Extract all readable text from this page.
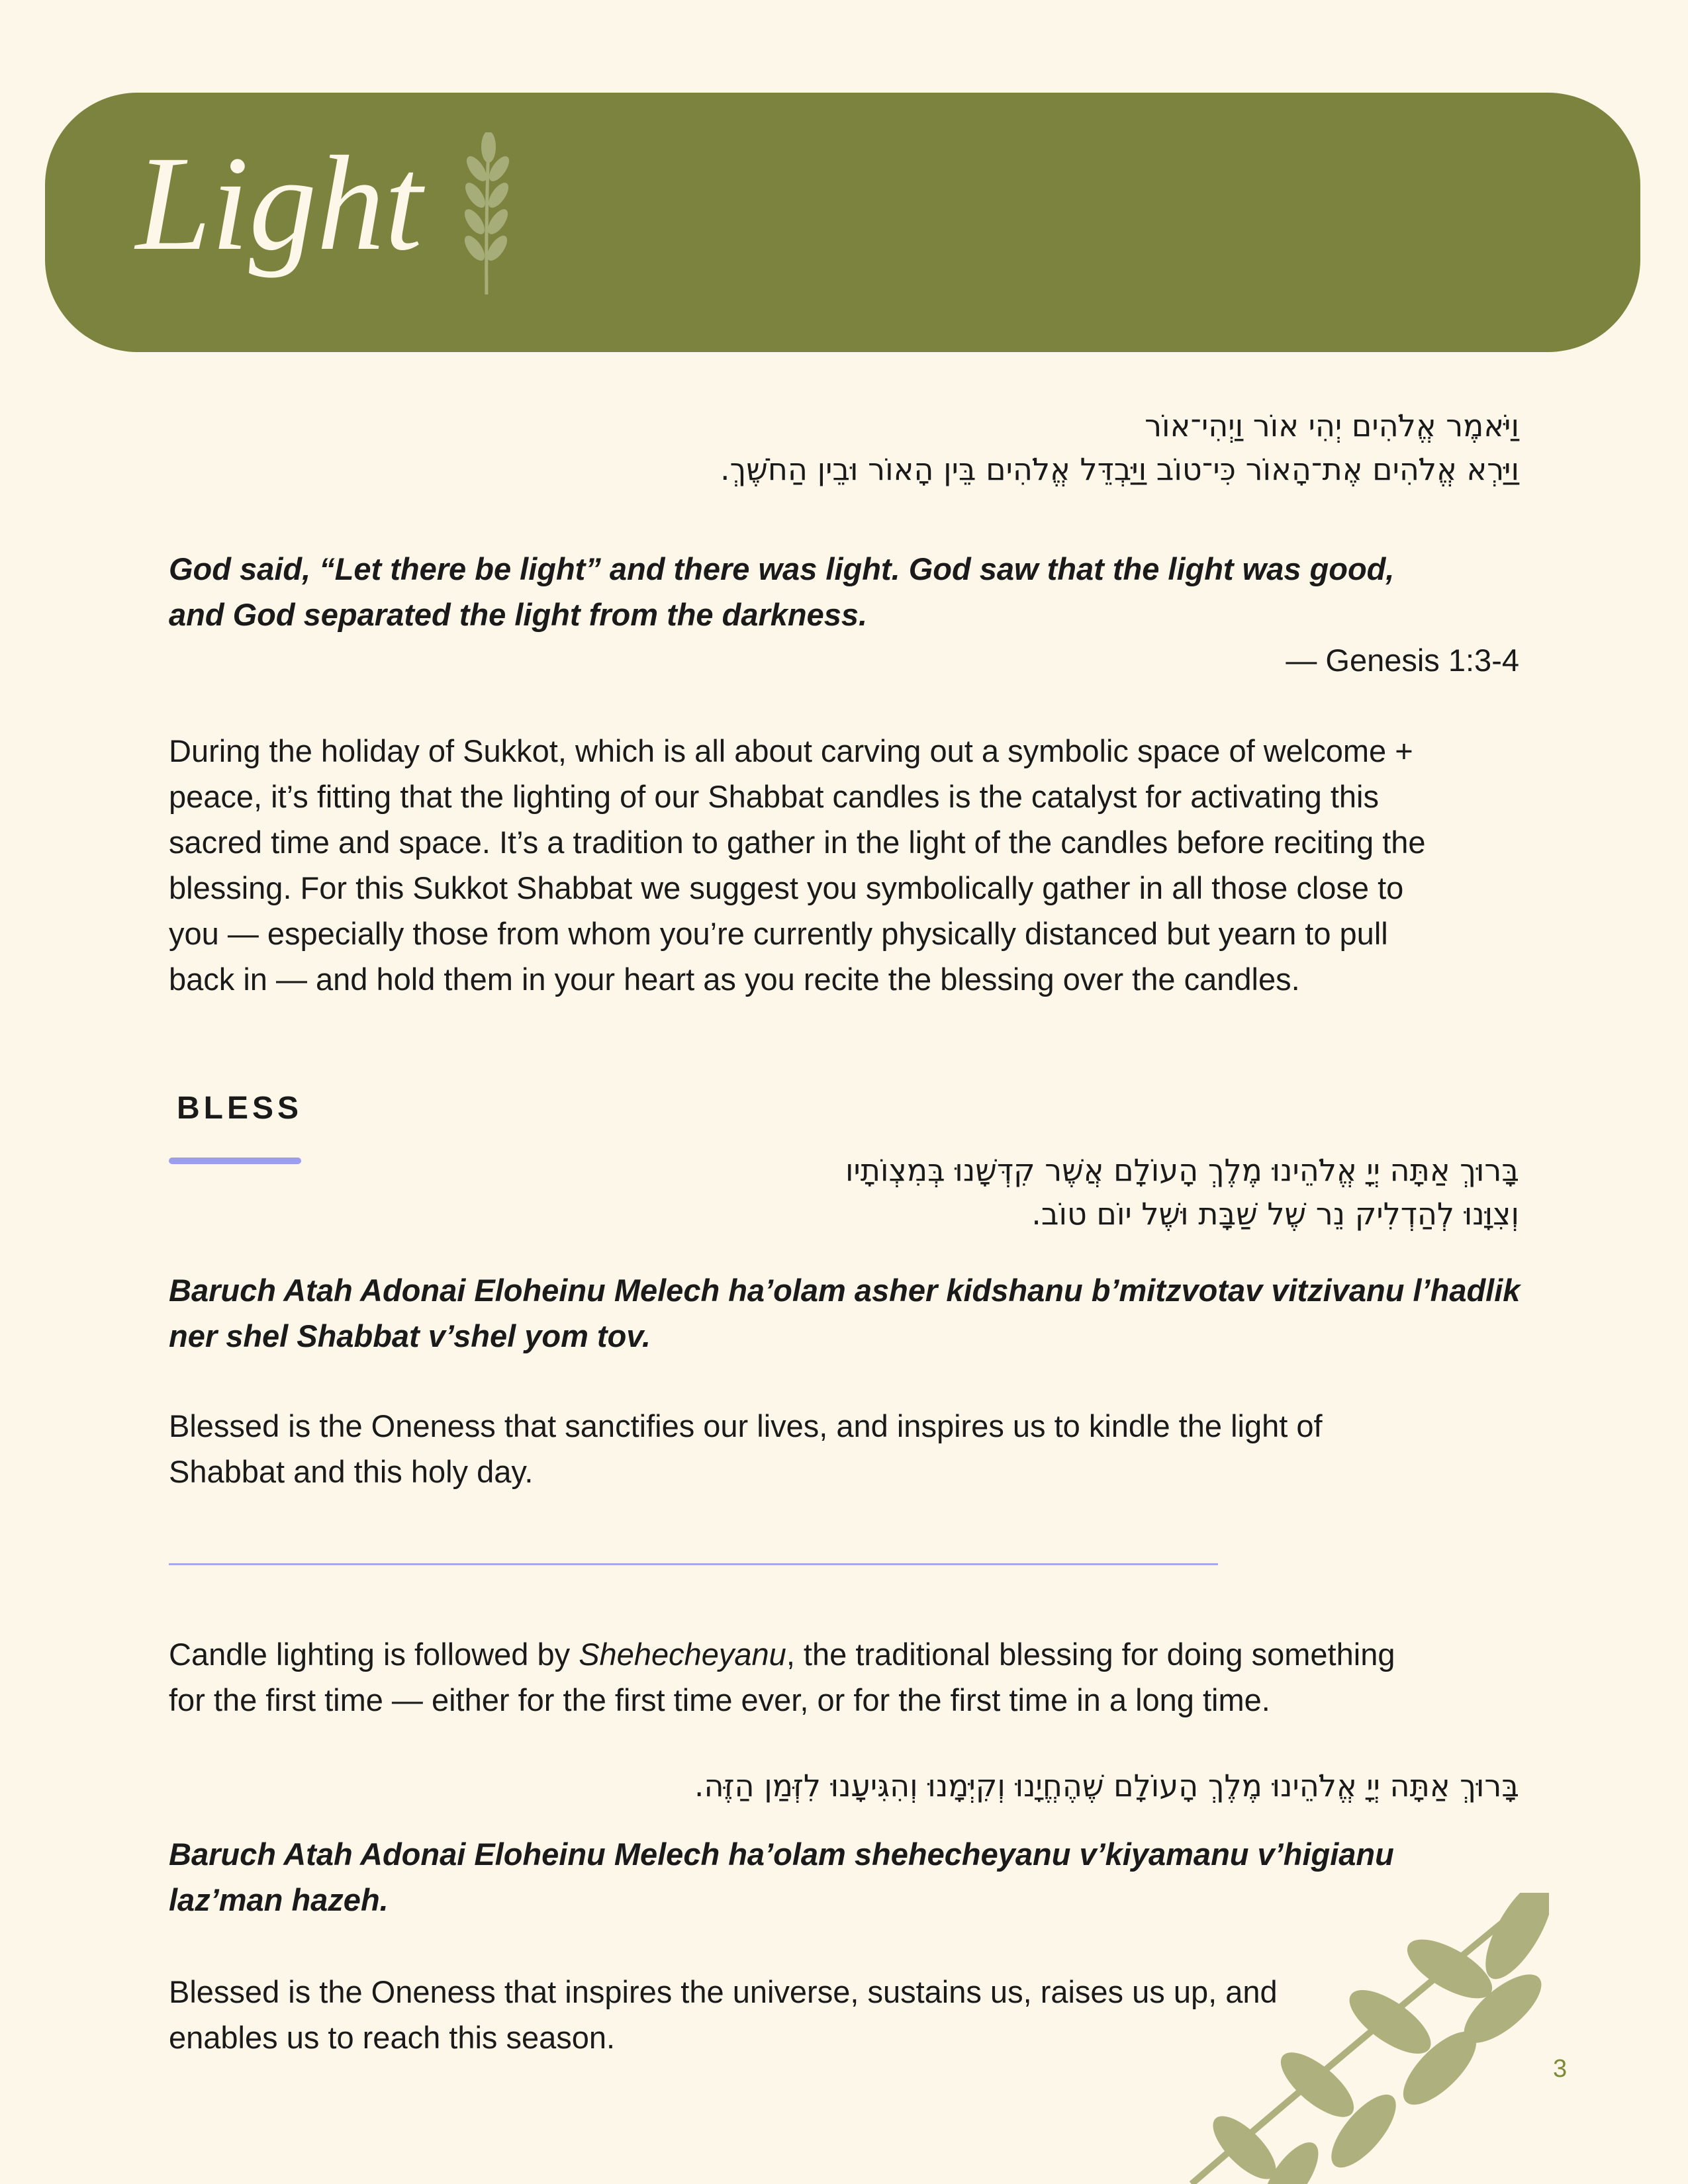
Light
וַיֹּאמֶר אֱלֹהִים יְהִי אוֹר וַיְהִי־אוֹר
וַיַּרְא אֱלֹהִים אֶת־הָאוֹר כִּי־טוֹב וַיַּבְדֵּל אֱלֹהִים בֵּין הָאוֹר וּבֵין הַחֹשֶׁךְ.

God said, “Let there be light” and there was light. God saw that the light was good,

and God separated the light from the darkness.

— Genesis 1:3-4

During the holiday of Sukkot, which is all about carving out a symbolic space of welcome +

peace, it’s fitting that the lighting of our Shabbat candles is the catalyst for activating this

sacred time and space. It’s a tradition to gather in the light of the candles before reciting the

blessing. For this Sukkot Shabbat we suggest you symbolically gather in all those close to

you — especially those from whom you’re currently physically distanced but yearn to pull

back in — and hold them in your heart as you recite the blessing over the candles.

BLESS
בָּרוּךְ אַתָּה יְיָ אֱלֹהֵינוּ מֶלֶךְ הָעוֹלָם אֲשֶׁר קִדְּשָׁנוּ בְּמִצְוֹתָיו
וְצִוָּנוּ לְהַדְלִיק נֵר שֶׁל שַׁבָּת וּשֶׁל יוֹם טוֹב.

Baruch Atah Adonai Eloheinu Melech ha’olam asher kidshanu b’mitzvotav vitzivanu l’hadlik

ner shel Shabbat v’shel yom tov.

Blessed is the Oneness that sanctifies our lives, and inspires us to kindle the light of

Shabbat and this holy day.

Candle lighting is followed by Shehecheyanu, the traditional blessing for doing something

for the first time — either for the first time ever, or for the first time in a long time.

בָּרוּךְ אַתָּה יְיָ אֱלֹהֵינוּ מֶלֶךְ הָעוֹלָם שֶׁהֶחֱיָנוּ וְקִיְּמָנוּ וְהִגִּיעָנוּ לִזְּמַן הַזֶּה.

Baruch Atah Adonai Eloheinu Melech ha’olam shehecheyanu v’kiyamanu v’higianu

laz’man hazeh.

Blessed is the Oneness that inspires the universe, sustains us, raises us up, and

enables us to reach this season.

3
